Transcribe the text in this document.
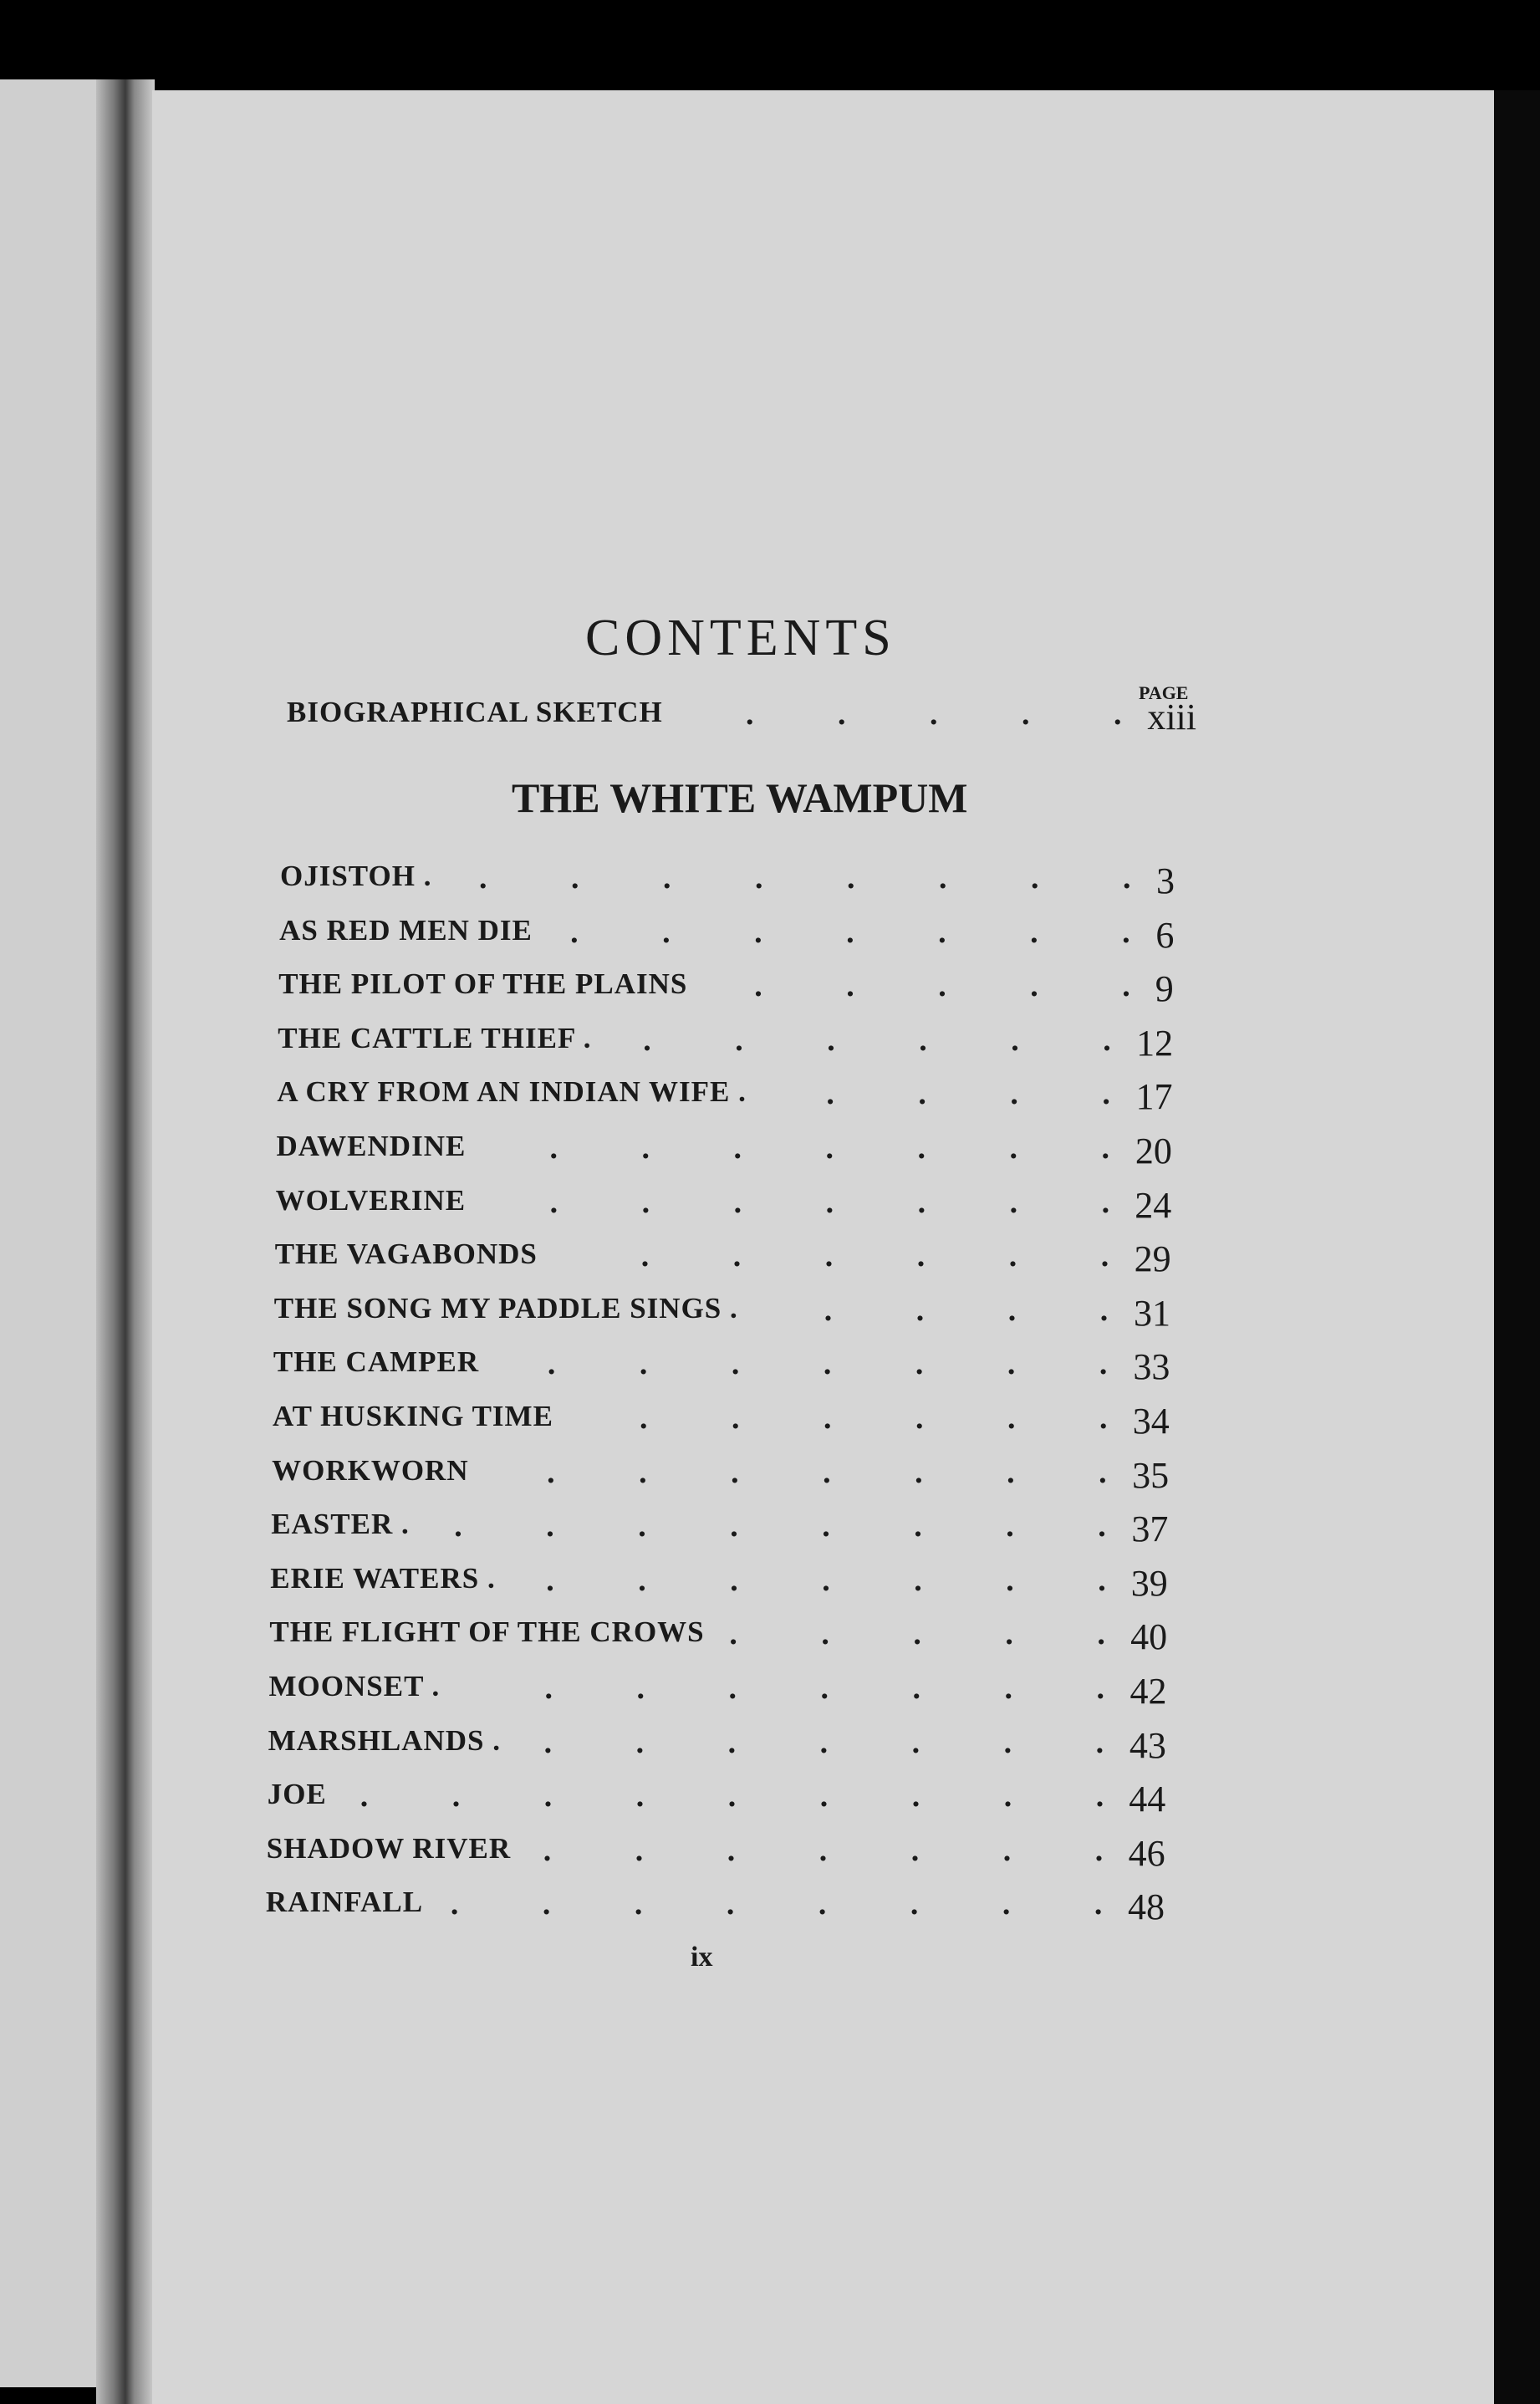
CONTENTS
PAGE
BIOGRAPHICAL SKETCH	xiii
.
.
.
.
.
THE WHITE WAMPUM
OJISTOH .	3
.
.
.
.
.
.
.
.
AS RED MEN DIE	6
.
.
.
.
.
.
.
THE PILOT OF THE PLAINS	9
.
.
.
.
.
THE CATTLE THIEF .	12
.
.
.
.
.
.
A CRY FROM AN INDIAN WIFE .	17
.
.
.
.
DAWENDINE	20
.
.
.
.
.
.
.
WOLVERINE	24
.
.
.
.
.
.
.
THE VAGABONDS	29
.
.
.
.
.
.
THE SONG MY PADDLE SINGS .	31
.
.
.
.
THE CAMPER	33
.
.
.
.
.
.
.
AT HUSKING TIME	34
.
.
.
.
.
.
WORKWORN	35
.
.
.
.
.
.
.
EASTER .	37
.
.
.
.
.
.
.
.
ERIE WATERS .	39
.
.
.
.
.
.
.
THE FLIGHT OF THE CROWS	40
.
.
.
.
.
MOONSET .	42
.
.
.
.
.
.
.
MARSHLANDS .	43
.
.
.
.
.
.
.
JOE	44
.
.
.
.
.
.
.
.
.
SHADOW RIVER	46
.
.
.
.
.
.
.
RAINFALL	48
.
.
.
.
.
.
.
.
ix
